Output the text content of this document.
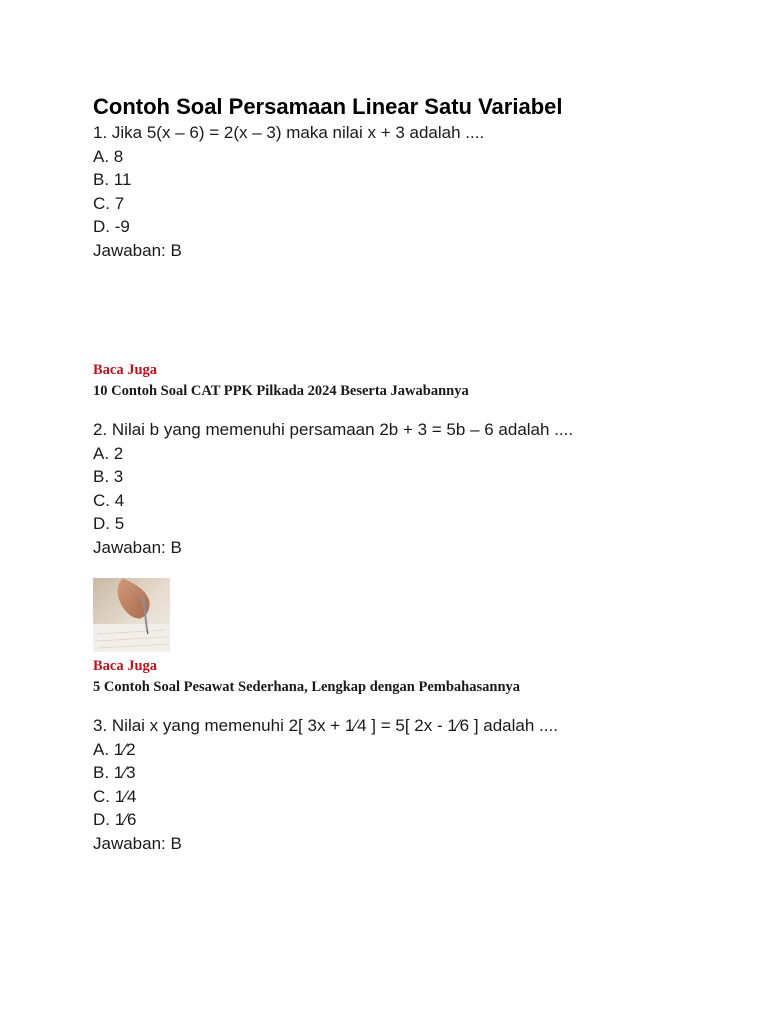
Contoh Soal Persamaan Linear Satu Variabel
1. Jika 5(x – 6) = 2(x – 3) maka nilai x + 3 adalah ....
A. 8
B. 11
C. 7
D. -9
Jawaban: B
Baca Juga
10 Contoh Soal CAT PPK Pilkada 2024 Beserta Jawabannya
2. Nilai b yang memenuhi persamaan 2b + 3 = 5b – 6 adalah ....
A. 2
B. 3
C. 4
D. 5
Jawaban: B
Baca Juga
5 Contoh Soal Pesawat Sederhana, Lengkap dengan Pembahasannya
3. Nilai x yang memenuhi 2[ 3x + 1⁄4 ] = 5[ 2x - 1⁄6 ] adalah ....
A. 1⁄2
B. 1⁄3
C. 1⁄4
D. 1⁄6
Jawaban: B
